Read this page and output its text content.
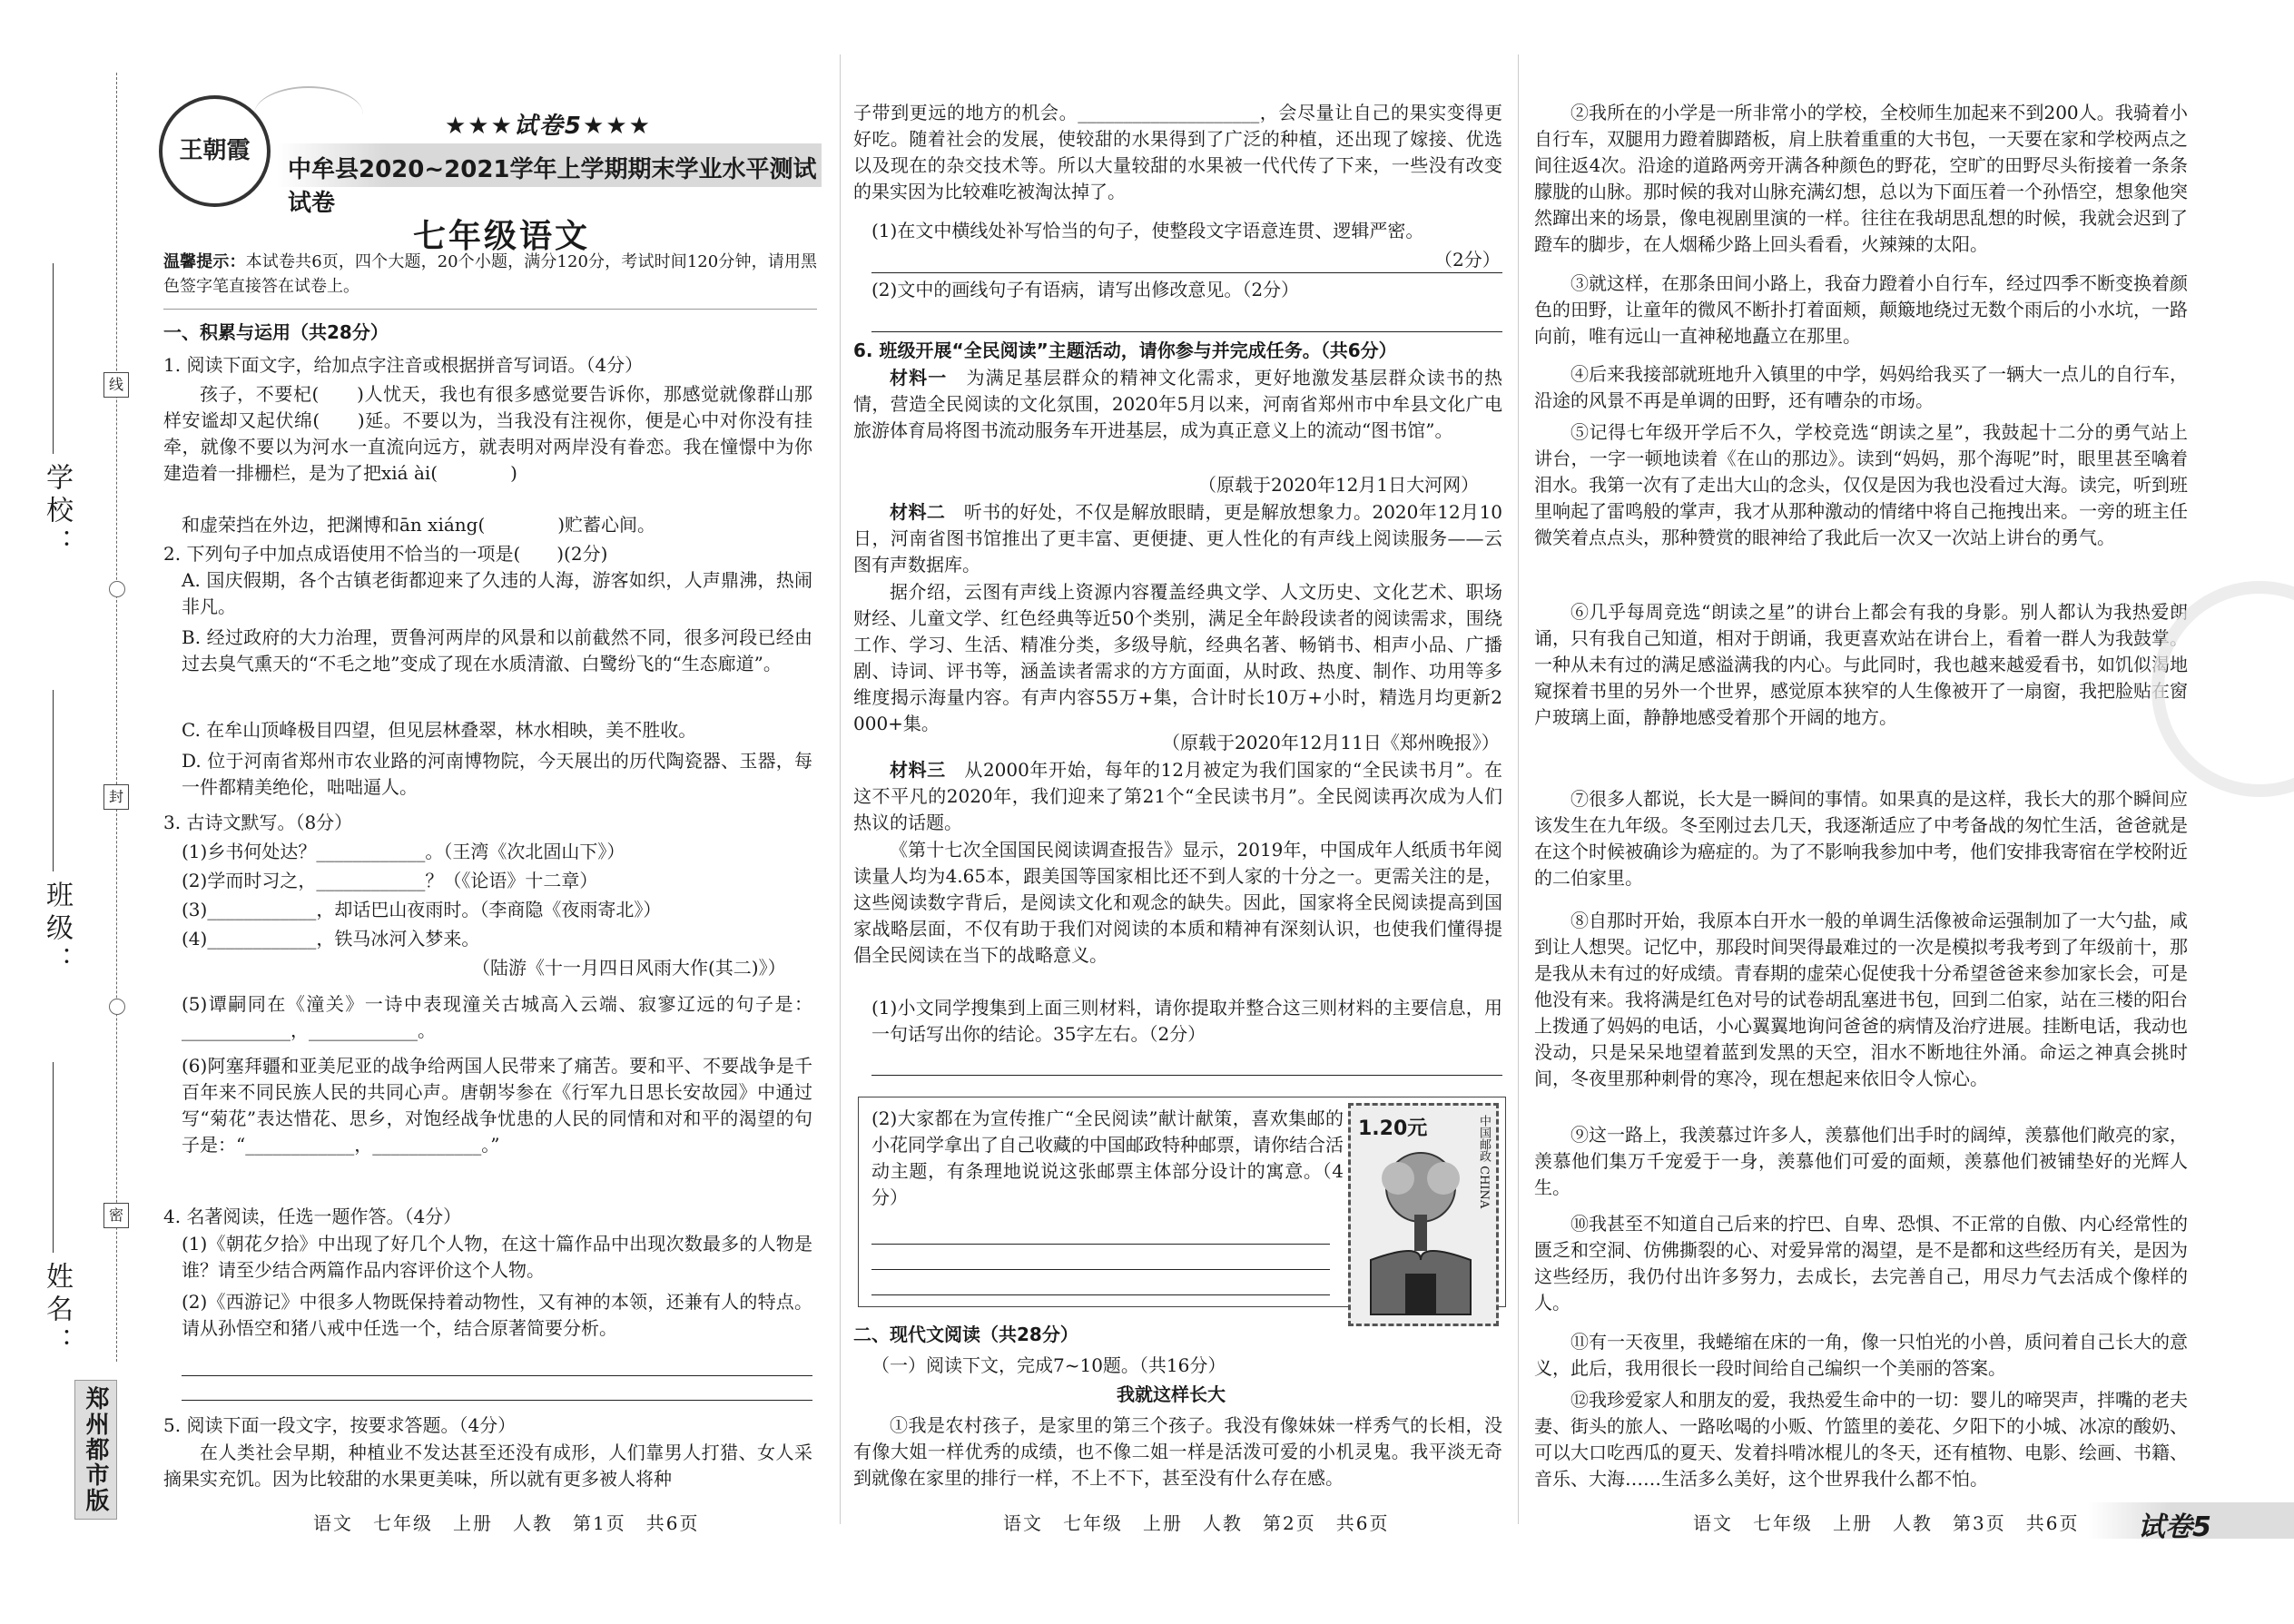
学校：
班级：
姓名：
线
封
密
郑州都市版
王朝霞
★★★试卷5★★★
中牟县2020~2021学年上学期期末学业水平测试试卷
七年级语文
温馨提示：本试卷共6页，四个大题，20个小题，满分120分，考试时间120分钟，请用黑色签字笔直接答在试卷上。
一、积累与运用（共28分）
1. 阅读下面文字，给加点字注音或根据拼音写词语。（4分）
孩子，不要杞(　　)人忧天，我也有很多感觉要告诉你，那感觉就像群山那样安谧却又起伏绵(　　)延。不要以为，当我没有注视你，便是心中对你没有挂牵，就像不要以为河水一直流向远方，就表明对两岸没有眷恋。我在憧憬中为你建造着一排栅栏，是为了把xiá ài(　　　　)
和虚荣挡在外边，把渊博和ān xiáng(　　　　)贮蓄心间。
2. 下列句子中加点成语使用不恰当的一项是(　　)(2分)
A. 国庆假期，各个古镇老街都迎来了久违的人海，游客如织，人声鼎沸，热闹非凡。
B. 经过政府的大力治理，贾鲁河两岸的风景和以前截然不同，很多河段已经由过去臭气熏天的“不毛之地”变成了现在水质清澈、白鹭纷飞的“生态廊道”。
C. 在牟山顶峰极目四望，但见层林叠翠，林水相映，美不胜收。
D. 位于河南省郑州市农业路的河南博物院，今天展出的历代陶瓷器、玉器，每一件都精美绝伦，咄咄逼人。
3. 古诗文默写。（8分）
(1)乡书何处达？____________。（王湾《次北固山下》）
(2)学而时习之，____________？（《论语》十二章）
(3)____________，却话巴山夜雨时。（李商隐《夜雨寄北》）
(4)____________，铁马冰河入梦来。
（陆游《十一月四日风雨大作(其二)》）
(5)谭嗣同在《潼关》一诗中表现潼关古城高入云端、寂寥辽远的句子是：____________，____________。
(6)阿塞拜疆和亚美尼亚的战争给两国人民带来了痛苦。要和平、不要战争是千百年来不同民族人民的共同心声。唐朝岑参在《行军九日思长安故园》中通过写“菊花”表达惜花、思乡，对饱经战争忧患的人民的同情和对和平的渴望的句子是：“____________，____________。”
4. 名著阅读，任选一题作答。（4分）
(1)《朝花夕拾》中出现了好几个人物，在这十篇作品中出现次数最多的人物是谁？请至少结合两篇作品内容评价这个人物。
(2)《西游记》中很多人物既保持着动物性，又有神的本领，还兼有人的特点。请从孙悟空和猪八戒中任选一个，结合原著简要分析。
5. 阅读下面一段文字，按要求答题。（4分）
在人类社会早期，种植业不发达甚至还没有成形，人们靠男人打猎、女人采摘果实充饥。因为比较甜的水果更美味，所以就有更多被人将种
语文　七年级　上册　人教　第1页　共6页
子带到更远的地方的机会。____________________，会尽量让自己的果实变得更好吃。随着社会的发展，使较甜的水果得到了广泛的种植，还出现了嫁接、优选以及现在的杂交技术等。所以大量较甜的水果被一代代传了下来，一些没有改变的果实因为比较难吃被淘汰掉了。
(1)在文中横线处补写恰当的句子，使整段文字语意连贯、逻辑严密。
（2分）
(2)文中的画线句子有语病，请写出修改意见。（2分）
6. 班级开展“全民阅读”主题活动，请你参与并完成任务。（共6分）
材料一　 为满足基层群众的精神文化需求，更好地激发基层群众读书的热情，营造全民阅读的文化氛围，2020年5月以来，河南省郑州市中牟县文化广电旅游体育局将图书流动服务车开进基层，成为真正意义上的流动“图书馆”。
（原载于2020年12月1日大河网）
材料二　 听书的好处，不仅是解放眼睛，更是解放想象力。2020年12月10日，河南省图书馆推出了更丰富、更便捷、更人性化的有声线上阅读服务——云图有声数据库。
据介绍，云图有声线上资源内容覆盖经典文学、人文历史、文化艺术、职场财经、儿童文学、红色经典等近50个类别，满足全年龄段读者的阅读需求，围绕工作、学习、生活、精准分类，多级导航，经典名著、畅销书、相声小品、广播剧、诗词、评书等，涵盖读者需求的方方面面，从时政、热度、制作、功用等多维度揭示海量内容。有声内容55万+集，合计时长10万+小时，精选月均更新2 000+集。
（原载于2020年12月11日《郑州晚报》）
材料三　 从2000年开始，每年的12月被定为我们国家的“全民读书月”。在这不平凡的2020年，我们迎来了第21个“全民读书月”。全民阅读再次成为人们热议的话题。
《第十七次全国国民阅读调查报告》显示，2019年，中国成年人纸质书年阅读量人均为4.65本，跟美国等国家相比还不到人家的十分之一。更需关注的是，这些阅读数字背后，是阅读文化和观念的缺失。因此，国家将全民阅读提高到国家战略层面，不仅有助于我们对阅读的本质和精神有深刻认识，也使我们懂得提倡全民阅读在当下的战略意义。
(1)小文同学搜集到上面三则材料，请你提取并整合这三则材料的主要信息，用一句话写出你的结论。35字左右。（2分）
(2)大家都在为宣传推广“全民阅读”献计献策，喜欢集邮的小花同学拿出了自己收藏的中国邮政特种邮票，请你结合活动主题，有条理地说说这张邮票主体部分设计的寓意。（4分）
1.20元	中国邮政 CHINA
二、现代文阅读（共28分）
（一）阅读下文，完成7~10题。（共16分）
我就这样长大
①我是农村孩子，是家里的第三个孩子。我没有像妹妹一样秀气的长相，没有像大姐一样优秀的成绩，也不像二姐一样是活泼可爱的小机灵鬼。我平淡无奇到就像在家里的排行一样，不上不下，甚至没有什么存在感。
语文　七年级　上册　人教　第2页　共6页
②我所在的小学是一所非常小的学校，全校师生加起来不到200人。我骑着小自行车，双腿用力蹬着脚踏板，肩上肤着重重的大书包，一天要在家和学校两点之间往返4次。沿途的道路两旁开满各种颜色的野花，空旷的田野尽头衔接着一条条朦胧的山脉。那时候的我对山脉充满幻想，总以为下面压着一个孙悟空，想象他突然蹿出来的场景，像电视剧里演的一样。往往在我胡思乱想的时候，我就会迟到了蹬车的脚步，在人烟稀少路上回头看看，火辣辣的太阳。
③就这样，在那条田间小路上，我奋力蹬着小自行车，经过四季不断变换着颜色的田野，让童年的微风不断扑打着面颊，颠簸地绕过无数个雨后的小水坑，一路向前，唯有远山一直神秘地矗立在那里。
④后来我接部就班地升入镇里的中学，妈妈给我买了一辆大一点儿的自行车，沿途的风景不再是单调的田野，还有嘈杂的市场。
⑤记得七年级开学后不久，学校竞选“朗读之星”，我鼓起十二分的勇气站上讲台，一字一顿地读着《在山的那边》。读到“妈妈，那个海呢”时，眼里甚至噙着泪水。我第一次有了走出大山的念头，仅仅是因为我也没看过大海。读完，听到班里响起了雷鸣般的掌声，我才从那种激动的情绪中将自己拖拽出来。一旁的班主任微笑着点点头，那种赞赏的眼神给了我此后一次又一次站上讲台的勇气。
⑥几乎每周竞选“朗读之星”的讲台上都会有我的身影。别人都认为我热爱朗诵，只有我自己知道，相对于朗诵，我更喜欢站在讲台上，看着一群人为我鼓掌。一种从未有过的满足感溢满我的内心。与此同时，我也越来越爱看书，如饥似渴地窥探着书里的另外一个世界，感觉原本狭窄的人生像被开了一扇窗，我把脸贴在窗户玻璃上面，静静地感受着那个开阔的地方。
⑦很多人都说，长大是一瞬间的事情。如果真的是这样，我长大的那个瞬间应该发生在九年级。冬至刚过去几天，我逐渐适应了中考备战的匆忙生活，爸爸就是在这个时候被确诊为癌症的。为了不影响我参加中考，他们安排我寄宿在学校附近的二伯家里。
⑧自那时开始，我原本白开水一般的单调生活像被命运强制加了一大勺盐，咸到让人想哭。记忆中，那段时间哭得最难过的一次是模拟考我考到了年级前十，那是我从未有过的好成绩。青春期的虚荣心促使我十分希望爸爸来参加家长会，可是他没有来。我将满是红色对号的试卷胡乱塞进书包，回到二伯家，站在三楼的阳台上拨通了妈妈的电话，小心翼翼地询问爸爸的病情及治疗进展。挂断电话，我动也没动，只是呆呆地望着蓝到发黑的天空，泪水不断地往外涌。命运之神真会挑时间，冬夜里那种刺骨的寒冷，现在想起来依旧令人惊心。
⑨这一路上，我羡慕过许多人，羡慕他们出手时的阔绰，羡慕他们敞亮的家，羡慕他们集万千宠爱于一身，羡慕他们可爱的面颊，羡慕他们被铺垫好的光辉人生。
⑩我甚至不知道自己后来的拧巴、自卑、恐惧、不正常的自傲、内心经常性的匮乏和空洞、仿佛撕裂的心、对爱异常的渴望，是不是都和这些经历有关，是因为这些经历，我仍付出许多努力，去成长，去完善自己，用尽力气去活成个像样的人。
⑪有一天夜里，我蜷缩在床的一角，像一只怕光的小兽，质问着自己长大的意义，此后，我用很长一段时间给自己编织一个美丽的答案。
⑫我珍爱家人和朋友的爱，我热爱生命中的一切：婴儿的啼哭声，拌嘴的老夫妻、街头的旅人、一路吆喝的小贩、竹篮里的姜花、夕阳下的小城、冰凉的酸奶、可以大口吃西瓜的夏天、发着抖啃冰棍儿的冬天，还有植物、电影、绘画、书籍、音乐、大海……生活多么美好，这个世界我什么都不怕。
语文　七年级　上册　人教　第3页　共6页 试卷5
